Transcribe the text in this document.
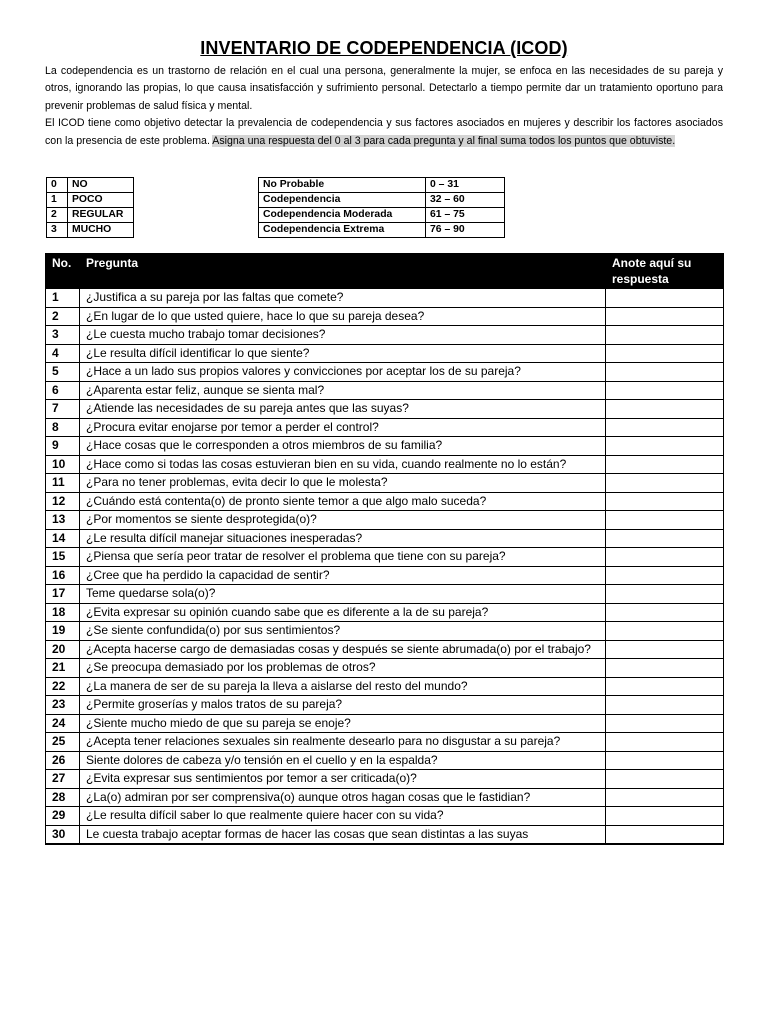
INVENTARIO DE CODEPENDENCIA (ICOD)

La codependencia es un trastorno de relación en el cual una persona, generalmente la mujer, se enfoca en las necesidades de su pareja y otros, ignorando las propias, lo que causa insatisfacción y sufrimiento personal. Detectarlo a tiempo permite dar un tratamiento oportuno para prevenir problemas de salud física y mental.

El ICOD tiene como objetivo detectar la prevalencia de codependencia y sus factores asociados en mujeres y describir los factores asociados con la presencia de este problema. Asigna una respuesta del 0 al 3 para cada pregunta y al final suma todos los puntos que obtuviste.

0	NO
1	POCO
2	REGULAR
3	MUCHO
No Probable	0 – 31
Codependencia	32 – 60
Codependencia Moderada	61 – 75
Codependencia Extrema	76 – 90
No.	Pregunta	Anote aquí su respuesta
1	¿Justifica a su pareja por las faltas que comete?	
2	¿En lugar de lo que usted quiere, hace lo que su pareja desea?	
3	¿Le cuesta mucho trabajo tomar decisiones?	
4	¿Le resulta difícil identificar lo que siente?	
5	¿Hace a un lado sus propios valores y convicciones por aceptar los de su pareja?	
6	¿Aparenta estar feliz, aunque se sienta mal?	
7	¿Atiende las necesidades de su pareja antes que las suyas?	
8	¿Procura evitar enojarse por temor a perder el control?	
9	¿Hace cosas que le corresponden a otros miembros de su familia?	
10	¿Hace como si todas las cosas estuvieran bien en su vida, cuando realmente no lo están?	
11	¿Para no tener problemas, evita decir lo que le molesta?	
12	¿Cuándo está contenta(o) de pronto siente temor a que algo malo suceda?	
13	¿Por momentos se siente desprotegida(o)?	
14	¿Le resulta difícil manejar situaciones inesperadas?	
15	¿Piensa que sería peor tratar de resolver el problema que tiene con su pareja?	
16	¿Cree que ha perdido la capacidad de sentir?	
17	Teme quedarse sola(o)?	
18	¿Evita expresar su opinión cuando sabe que es diferente a la de su pareja?	
19	¿Se siente confundida(o) por sus sentimientos?	
20	¿Acepta hacerse cargo de demasiadas cosas y después se siente abrumada(o) por el trabajo?	
21	¿Se preocupa demasiado por los problemas de otros?	
22	¿La manera de ser de su pareja la lleva a aislarse del resto del mundo?	
23	¿Permite groserías y malos tratos de su pareja?	
24	¿Siente mucho miedo de que su pareja se enoje?	
25	¿Acepta tener relaciones sexuales sin realmente desearlo para no disgustar a su pareja?	
26	Siente dolores de cabeza y/o tensión en el cuello y en la espalda?	
27	¿Evita expresar sus sentimientos por temor a ser criticada(o)?	
28	¿La(o) admiran por ser comprensiva(o) aunque otros hagan cosas que le fastidian?	
29	¿Le resulta difícil saber lo que realmente quiere hacer con su vida?	
30	Le cuesta trabajo aceptar formas de hacer las cosas que sean distintas a las suyas	

TOTAL		
